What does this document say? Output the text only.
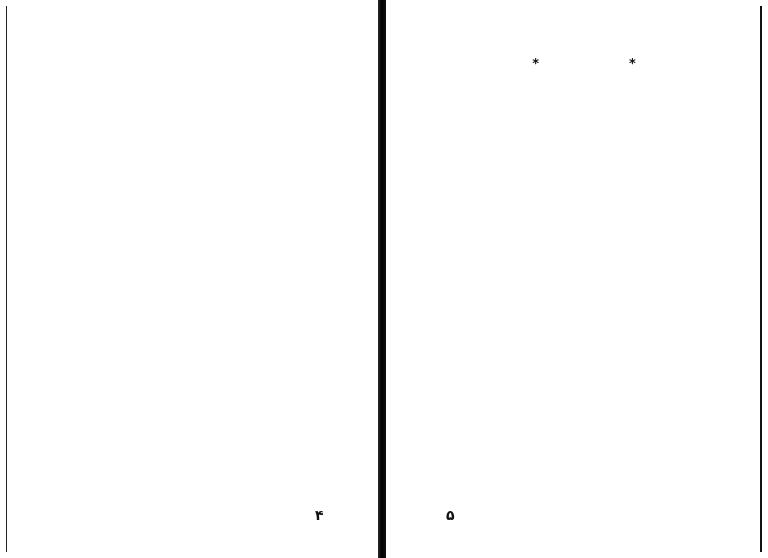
۴

*
*

۵
